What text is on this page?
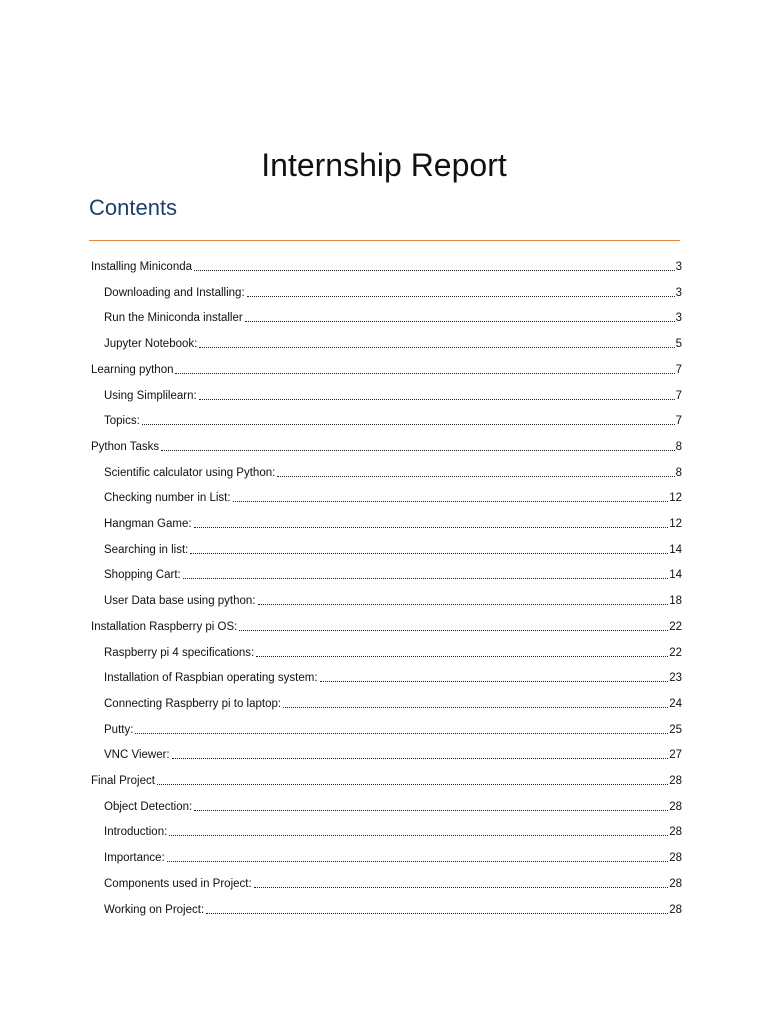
Internship Report
Contents
Installing Miniconda	3
Downloading and Installing:	3
Run the Miniconda installer	3
Jupyter Notebook:	5
Learning python	7
Using Simplilearn:	7
Topics:	7
Python Tasks	8
Scientific calculator using Python:	8
Checking number in List:	12
Hangman Game:	12
Searching in list:	14
Shopping Cart:	14
User Data base using python:	18
Installation Raspberry pi OS:	22
Raspberry pi 4 specifications:	22
Installation of Raspbian operating system:	23
Connecting Raspberry pi to laptop:	24
Putty:	25
VNC Viewer:	27
Final Project	28
Object Detection:	28
Introduction:	28
Importance:	28
Components used in Project:	28
Working on Project:	28
